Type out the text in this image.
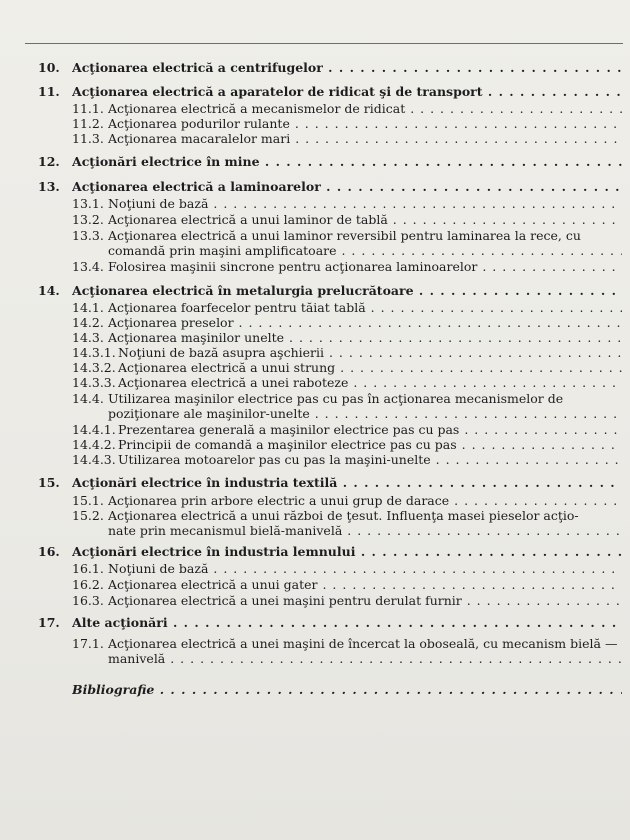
10. Acţionarea electrică a centrifugelor . . .
11. Acţionarea electrică a aparatelor de ridicat şi de transport . . .
11.1. Acţionarea electrică a mecanismelor de ridicat . . .
11.2. Acţionarea podurilor rulante . . .
11.3. Acţionarea macaralelor mari . . .
12. Acţionări electrice în mine . . .
13. Acţionarea electrică a laminoarelor . . .
13.1. Noţiuni de bază . . .
13.2. Acţionarea electrică a unui laminor de tablă . . .
13.3. Acţionarea electrică a unui laminor reversibil pentru laminarea la rece, cu
comandă prin maşini amplificatoare . . .
13.4. Folosirea maşinii sincrone pentru acţionarea laminoarelor . . .
14. Acţionarea electrică în metalurgia prelucrătoare . . .
14.1. Acţionarea foarfecelor pentru tăiat tablă . . .
14.2. Acţionarea preselor . . .
14.3. Acţionarea maşinilor unelte . . .
14.3.1. Noţiuni de bază asupra aşchierii . . .
14.3.2. Acţionarea electrică a unui strung . . .
14.3.3. Acţionarea electrică a unei raboteze . . .
14.4. Utilizarea maşinilor electrice pas cu pas în acţionarea mecanismelor de
poziţionare ale maşinilor-unelte . . .
14.4.1. Prezentarea generală a maşinilor electrice pas cu pas . . .
14.4.2. Principii de comandă a maşinilor electrice pas cu pas . . .
14.4.3. Utilizarea motoarelor pas cu pas la maşini-unelte . . .
15. Acţionări electrice în industria textilă . . .
15.1. Acţionarea prin arbore electric a unui grup de darace . . .
15.2. Acţionarea electrică a unui război de ţesut. Influenţa masei pieselor acţio-
nate prin mecanismul bielă-manivelă . . .
16. Acţionări electrice în industria lemnului . . .
16.1. Noţiuni de bază . . .
16.2. Acţionarea electrică a unui gater . . .
16.3. Acţionarea electrică a unei maşini pentru derulat furnir . . .
17. Alte acţionări . . .
17.1. Acţionarea electrică a unei maşini de încercat la oboseală, cu mecanism bielă —
manivelă . . .
Bibliografie . . .
